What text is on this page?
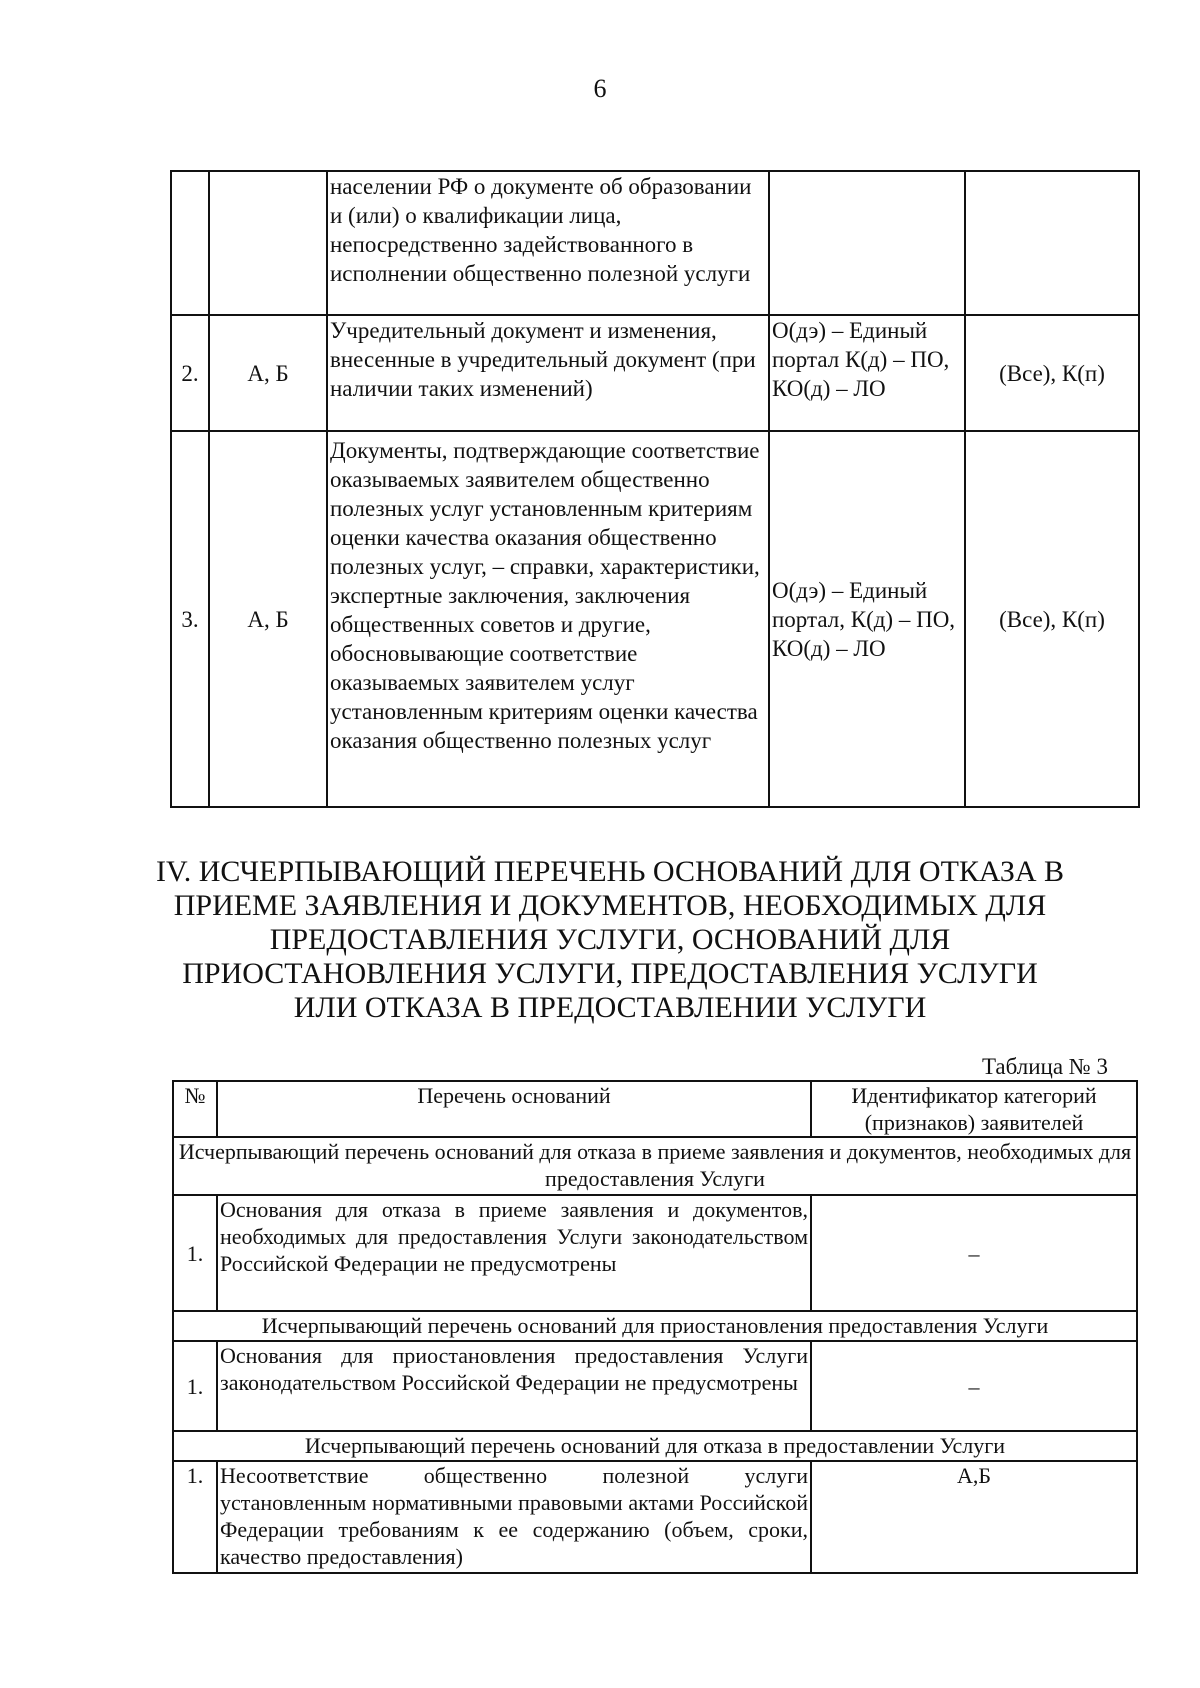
6
		населении РФ о документе об образовании и (или) о квалификации лица, непосредственно задействованного в исполнении общественно полезной услуги		
2.	А, Б	Учредительный документ и изменения, внесенные в учредительный документ (при наличии таких изменений)	О(дэ) – Единый портал К(д) – ПО, КО(д) – ЛО	(Все), К(п)
3.	А, Б	Документы, подтверждающие соответствие оказываемых заявителем общественно полезных услуг установленным критериям оценки качества оказания общественно полезных услуг, – справки, характеристики, экспертные заключения, заключения общественных советов и другие, обосновывающие соответствие оказываемых заявителем услуг установленным критериям оценки качества оказания общественно полезных услуг	О(дэ) – Единый портал, К(д) – ПО, КО(д) – ЛО	(Все), К(п)
IV. ИСЧЕРПЫВАЮЩИЙ ПЕРЕЧЕНЬ ОСНОВАНИЙ ДЛЯ ОТКАЗА В ПРИЕМЕ ЗАЯВЛЕНИЯ И ДОКУМЕНТОВ, НЕОБХОДИМЫХ ДЛЯ ПРЕДОСТАВЛЕНИЯ УСЛУГИ, ОСНОВАНИЙ ДЛЯ ПРИОСТАНОВЛЕНИЯ УСЛУГИ, ПРЕДОСТАВЛЕНИЯ УСЛУГИ ИЛИ ОТКАЗА В ПРЕДОСТАВЛЕНИИ УСЛУГИ
Таблица № 3
№	Перечень оснований	Идентификатор категорий (признаков) заявителей
Исчерпывающий перечень оснований для отказа в приеме заявления и документов, необходимых для предоставления Услуги		
1.	Основания для отказа в приеме заявления и документов, необходимых для предоставления Услуги законодательством Российской Федерации не предусмотрены	–
Исчерпывающий перечень оснований для приостановления предоставления Услуги		
1.	Основания для приостановления предоставления Услуги законодательством Российской Федерации не предусмотрены	–
Исчерпывающий перечень оснований для отказа в предоставлении Услуги		
1.	Несоответствие общественно полезной услуги установленным нормативными правовыми актами Российской Федерации требованиям к ее содержанию (объем, сроки, качество предоставления)	А,Б
